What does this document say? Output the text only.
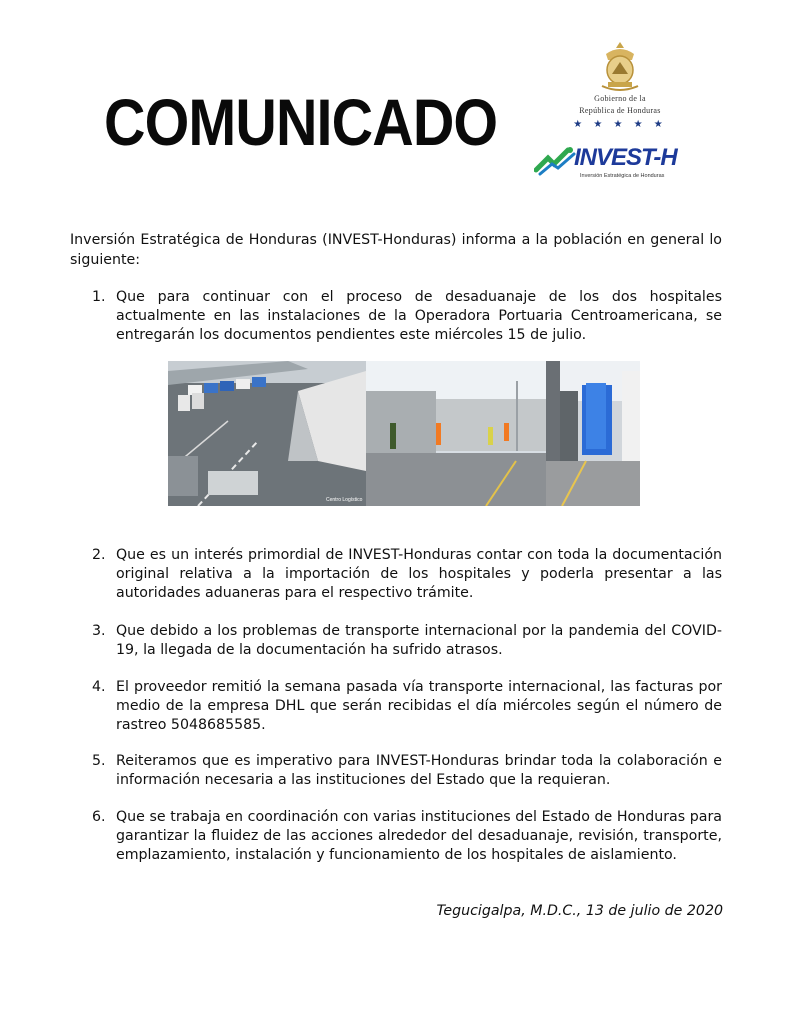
COMUNICADO	Gobierno de la
República de Honduras
★ ★ ★ ★ ★
INVEST-H
Inversión Estratégica de Honduras

Inversión Estratégica de Honduras (INVEST-Honduras) informa a la población en general lo siguiente:

1. Que para continuar con el proceso de desaduanaje de los dos hospitales actualmente en las instalaciones de la Operadora Portuaria Centroamericana, se entregarán los documentos pendientes este miércoles 15 de julio.
Centro Logístico
2. Que es un interés primordial de INVEST-Honduras contar con toda la documentación original relativa a la importación de los hospitales y poderla presentar a las autoridades aduaneras para el respectivo trámite.
3. Que debido a los problemas de transporte internacional por la pandemia del COVID-19, la llegada de la documentación ha sufrido atrasos.
4. El proveedor remitió la semana pasada vía transporte internacional, las facturas por medio de la empresa DHL que serán recibidas el día miércoles según el número de rastreo 5048685585.
5. Reiteramos que es imperativo para INVEST-Honduras brindar toda la colaboración e información necesaria a las instituciones del Estado que la requieran.
6. Que se trabaja en coordinación con varias instituciones del Estado de Honduras para garantizar la fluidez de las acciones alrededor del desaduanaje, revisión, transporte, emplazamiento, instalación y funcionamiento de los hospitales de aislamiento.
Tegucigalpa, M.D.C., 13 de julio de 2020
